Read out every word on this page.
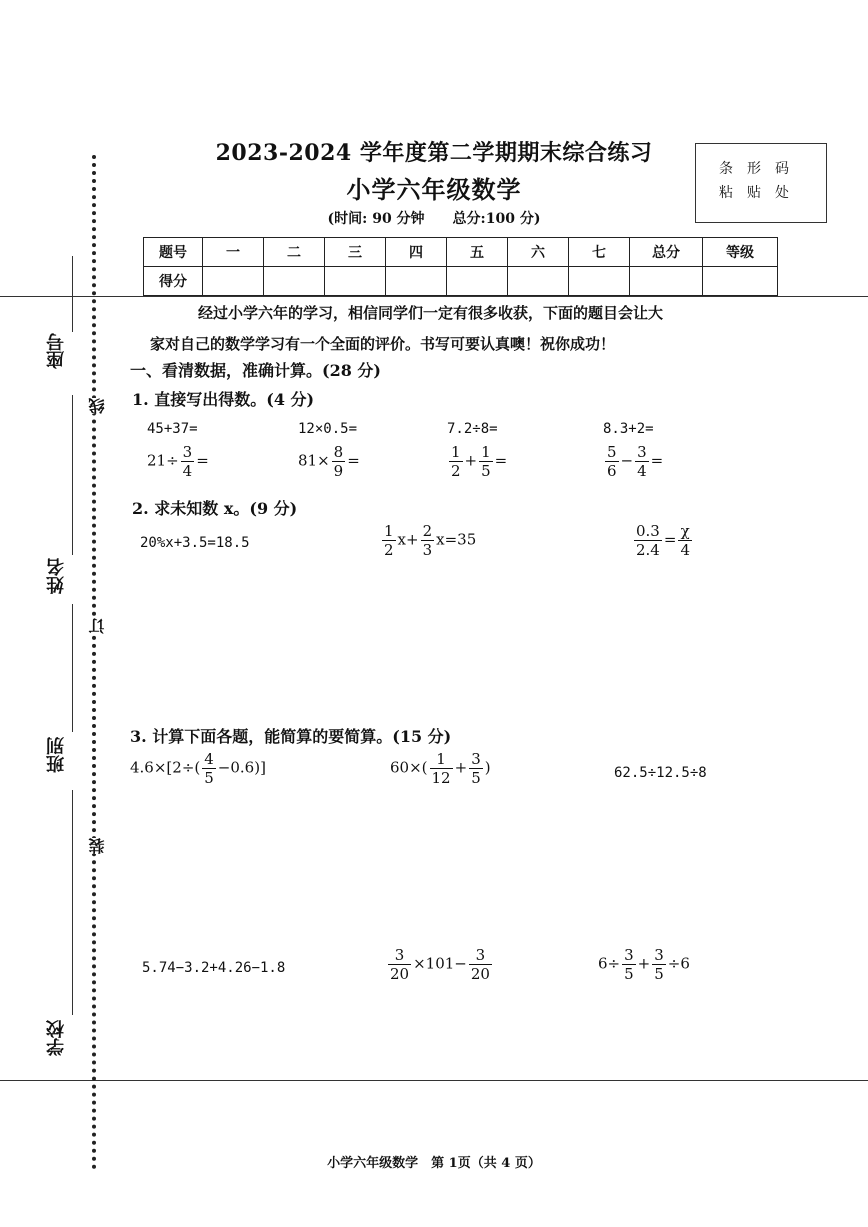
2023-2024 学年度第二学期期末综合练习
小学六年级数学
(时间: 90 分钟　　总分:100 分)
条形码
粘贴处
题号	一	二	三	四	五	六	七	总分	等级
得分									
座号
姓名
班别
学校
线
订
装
经过小学六年的学习，相信同学们一定有很多收获，下面的题目会让大
家对自己的数学学习有一个全面的评价。书写可要认真噢！祝你成功！
一、看清数据，准确计算。(28 分)
1. 直接写出得数。(4 分)
45+37=	12×0.5=	7.2÷8=	8.3+2=
$21\div \frac{3}{4}$ =	$81\times \frac{8}{9}$ =	$\frac{1}{2} + \frac{1}{5}$ =	$\frac{5}{6} - \frac{3}{4}$ =
2. 求未知数 x。(9 分)
20%x+3.5=18.5	$\frac{1}{2} x+ \frac{2}{3} x=35$	$\frac{0.3}{2.4} = \frac{\chi}{4}$
3. 计算下面各题，能简算的要简算。(15 分)
$4.6\times[2\div( \frac{4}{5} -0.6)]$	$60\times( \frac{1}{12} + \frac{3}{5}$ )	62.5÷12.5÷8
5.74−3.2+4.26−1.8	$\frac{3}{20} \times 101- \frac{3}{20}$	$6\div \frac{3}{5} + \frac{3}{5} \div 6$
小学六年级数学　第 1页（共 4 页）
